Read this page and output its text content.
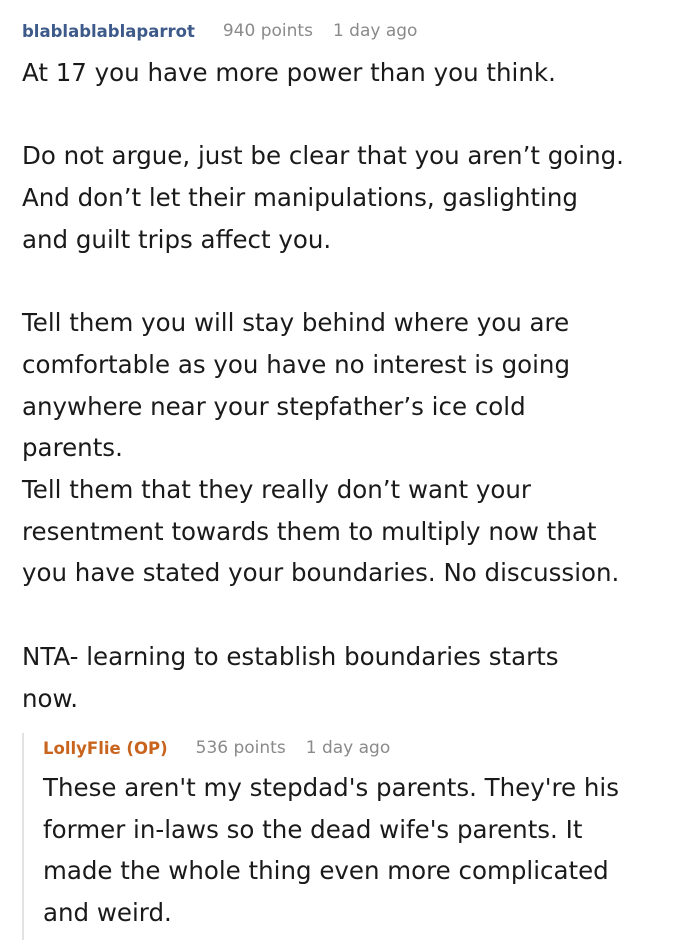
blablablablaparrot 940 points 1 day ago

At 17 you have more power than you think.

Do not argue, just be clear that you aren’t going.
And don’t let their manipulations, gaslighting
and guilt trips affect you.

Tell them you will stay behind where you are
comfortable as you have no interest is going
anywhere near your stepfather’s ice cold
parents.
Tell them that they really don’t want your
resentment towards them to multiply now that
you have stated your boundaries. No discussion.

NTA- learning to establish boundaries starts
now.

LollyFlie (OP) 536 points 1 day ago

These aren't my stepdad's parents. They're his
former in-laws so the dead wife's parents. It
made the whole thing even more complicated
and weird.
